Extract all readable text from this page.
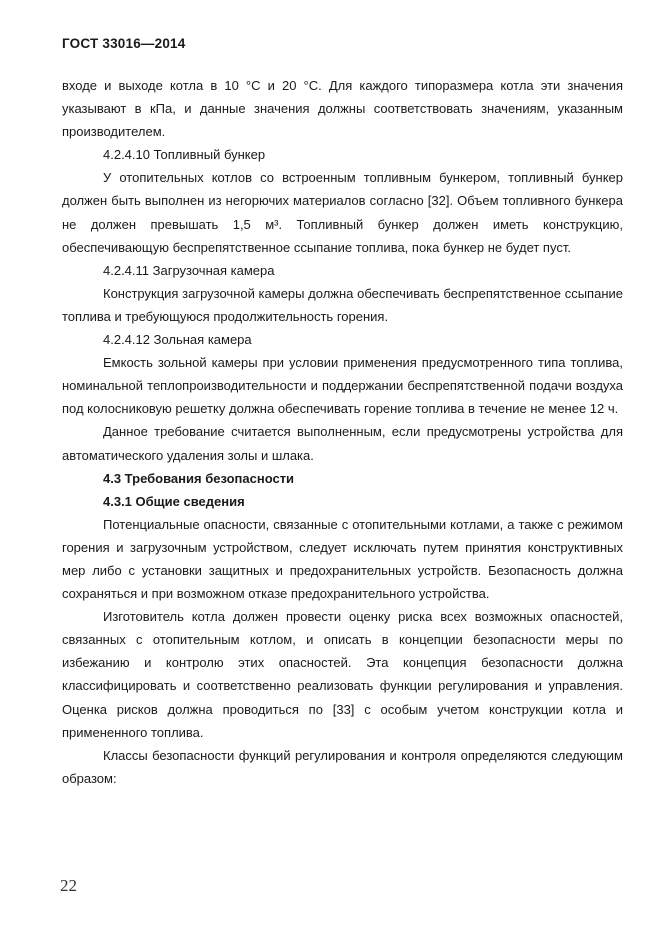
ГОСТ 33016—2014

входе и выходе котла в 10 °С и 20 °С. Для каждого типоразмера котла эти значения указывают в кПа, и данные значения должны соответствовать значениям, указанным производителем.

4.2.4.10 Топливный бункер

У отопительных котлов со встроенным топливным бункером, топливный бункер должен быть выполнен из негорючих материалов согласно [32]. Объем топливного бункера не должен превышать 1,5 м³. Топливный бункер должен иметь конструкцию, обеспечивающую беспрепятственное ссыпание топлива, пока бункер не будет пуст.

4.2.4.11 Загрузочная камера

Конструкция загрузочной камеры должна обеспечивать беспрепятственное ссыпание топлива и требующуюся продолжительность горения.

4.2.4.12 Зольная камера

Емкость зольной камеры при условии применения предусмотренного типа топлива, номинальной теплопроизводительности и поддержании беспрепятственной подачи воздуха под колосниковую решетку должна обеспечивать горение топлива в течение не менее 12 ч.

Данное требование считается выполненным, если предусмотрены устройства для автоматического удаления золы и шлака.

4.3 Требования безопасности

4.3.1 Общие сведения

Потенциальные опасности, связанные с отопительными котлами, а также с режимом горения и загрузочным устройством, следует исключать путем принятия конструктивных мер либо с установки защитных и предохранительных устройств. Безопасность должна сохраняться и при возможном отказе предохранительного устройства.

Изготовитель котла должен провести оценку риска всех возможных опасностей, связанных с отопительным котлом, и описать в концепции безопасности меры по избежанию и контролю этих опасностей. Эта концепция безопасности должна классифицировать и соответственно реализовать функции регулирования и управления. Оценка рисков должна проводиться по [33] с особым учетом конструкции котла и примененного топлива.

Классы безопасности функций регулирования и контроля определяются следующим образом:

22
